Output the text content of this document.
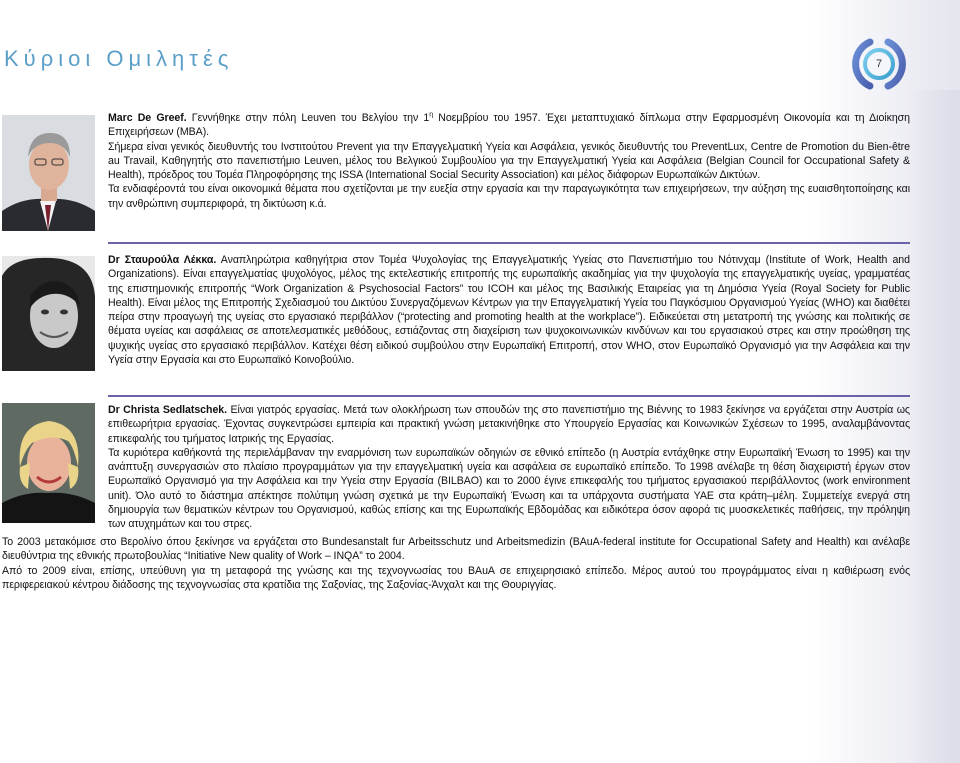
Κύριοι Ομιλητές	7

Marc De Greef. Γεννήθηκε στην πόλη Leuven του Βελγίου την $1^\eta$ Νοεμβρίου του 1957. Έχει μεταπτυχιακό δίπλωμα στην Εφαρμοσμένη Οικονομία και τη Διοίκηση Επιχειρήσεων (MBA).

Σήμερα είναι γενικός διευθυντής του Ινστιτούτου Prevent για την Επαγγελματική Υγεία και Ασφάλεια, γενικός διευθυντής του PreventLux, Centre de Promotion du Bien-être au Travail, Καθηγητής στο πανεπιστήμιο Leuven, μέλος του Βελγικού Συμβουλίου για την Επαγγελματική Υγεία και Ασφάλεια (Belgian Council for Occupational Safety & Health), πρόεδρος του Τομέα Πληροφόρησης της ISSA (International Social Security Association) και μέλος διάφορων Ευρωπαϊκών Δικτύων.

Τα ενδιαφέροντά του είναι οικονομικά θέματα που σχετίζονται με την ευεξία στην εργασία και την παραγωγικότητα των επιχειρήσεων, την αύξηση της ευαισθητοποίησης και την ανθρώπινη συμπεριφορά, τη δικτύωση κ.ά.

Dr Σταυρούλα Λέκκα. Αναπληρώτρια καθηγήτρια στον Τομέα Ψυχολογίας της Επαγγελματικής Υγείας στο Πανεπιστήμιο του Νότινχαμ (Institute of Work, Health and Organizations). Είναι επαγγελματίας ψυχολόγος, μέλος της εκτελεστικής επιτροπής της ευρωπαϊκής ακαδημίας για την ψυχολογία της επαγγελματικής υγείας, γραμματέας της επιστημονικής επιτροπής “Work Organization & Psychosocial Factors” του ICOH και μέλος της Βασιλικής Εταιρείας για τη Δημόσια Υγεία (Royal Society for Public Health). Είναι μέλος της Επιτροπής Σχεδιασμού του Δικτύου Συνεργαζόμενων Κέντρων για την Επαγγελματική Υγεία του Παγκόσμιου Οργανισμού Υγείας (WHO) και διαθέτει πείρα στην προαγωγή της υγείας στο εργασιακό περιβάλλον (“protecting and promoting health at the workplace”). Ειδικεύεται στη μετατροπή της γνώσης και πολιτικής σε θέματα υγείας και ασφάλειας σε αποτελεσματικές μεθόδους, εστιάζοντας στη διαχείριση των ψυχοκοινωνικών κινδύνων και του εργασιακού στρες και στην προώθηση της ψυχικής υγείας στο εργασιακό περιβάλλον. Κατέχει θέση ειδικού συμβούλου στην Ευρωπαϊκή Επιτροπή, στον WHO, στον Ευρωπαϊκό Οργανισμό για την Ασφάλεια και την Υγεία στην Εργασία και στο Ευρωπαϊκό Κοινοβούλιο.

Dr Christa Sedlatschek. Είναι γιατρός εργασίας. Μετά των ολοκλήρωση των σπουδών της στο πανεπιστήμιο της Βιέννης το 1983 ξεκίνησε να εργάζεται στην Αυστρία ως επιθεωρήτρια εργασίας. Έχοντας συγκεντρώσει εμπειρία και πρακτική γνώση μετακινήθηκε στο Υπουργείο Εργασίας και Κοινωνικών Σχέσεων το 1995, αναλαμβάνοντας επικεφαλής του τμήματος Ιατρικής της Εργασίας.

Τα κυριότερα καθήκοντά της περιελάμβαναν την εναρμόνιση των ευρωπαϊκών οδηγιών σε εθνικό επίπεδο (η Αυστρία εντάχθηκε στην Ευρωπαϊκή Ένωση το 1995) και την ανάπτυξη συνεργασιών στο πλαίσιο προγραμμάτων για την επαγγελματική υγεία και ασφάλεια σε ευρωπαϊκό επίπεδο. Το 1998 ανέλαβε τη θέση διαχειριστή έργων στον Ευρωπαϊκό Οργανισμό για την Ασφάλεια και την Υγεία στην Εργασία (BILBAO) και το 2000 έγινε επικεφαλής του τμήματος εργασιακού περιβάλλοντος (work environment unit). Όλο αυτό το διάστημα απέκτησε πολύτιμη γνώση σχετικά με την Ευρωπαϊκή Ένωση και τα υπάρχοντα συστήματα ΥΑΕ στα κράτη–μέλη. Συμμετείχε ενεργά στη δημιουργία των θεματικών κέντρων του Οργανισμού, καθώς επίσης και της Ευρωπαϊκής Εβδομάδας και ειδικότερα όσον αφορά τις μυοσκελετικές παθήσεις, την πρόληψη των ατυχημάτων και του στρες.

Το 2003 μετακόμισε στο Βερολίνο όπου ξεκίνησε να εργάζεται στο Bundesanstalt fur Arbeitsschutz und Arbeitsmedizin (BAuA-federal institute for Occupational Safety and Health) και ανέλαβε διευθύντρια της εθνικής πρωτοβουλίας “Initiative New quality of Work – INQA” το 2004.

Από το 2009 είναι, επίσης, υπεύθυνη για τη μεταφορά της γνώσης και της τεχνογνωσίας του BAuA σε επιχειρησιακό επίπεδο. Μέρος αυτού του προγράμματος είναι η καθιέρωση ενός περιφερειακού κέντρου διάδοσης της τεχνογνωσίας στα κρατίδια της Σαξονίας, της Σαξονίας-Άνχαλτ και της Θουριγγίας.
